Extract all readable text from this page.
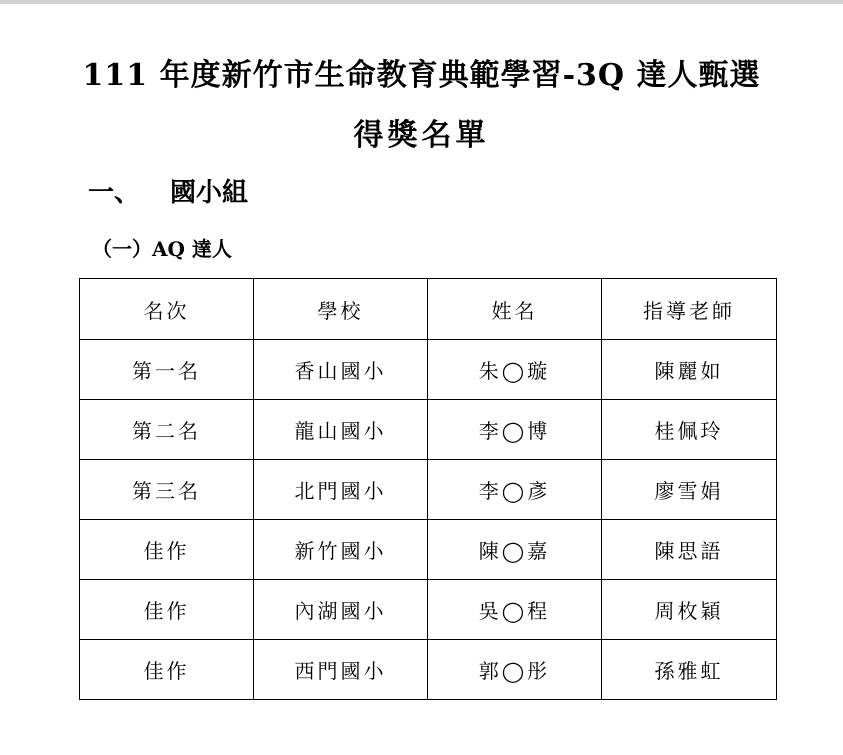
111 年度新竹市生命教育典範學習-3Q 達人甄選
得獎名單
一、 國小組
（一）AQ 達人
名次	學校	姓名	指導老師
第一名	香山國小	朱◯璇	陳麗如
第二名	龍山國小	李◯博	桂佩玲
第三名	北門國小	李◯彥	廖雪娟
佳作	新竹國小	陳◯嘉	陳思語
佳作	內湖國小	吳◯程	周枚穎
佳作	西門國小	郭◯彤	孫雅虹
